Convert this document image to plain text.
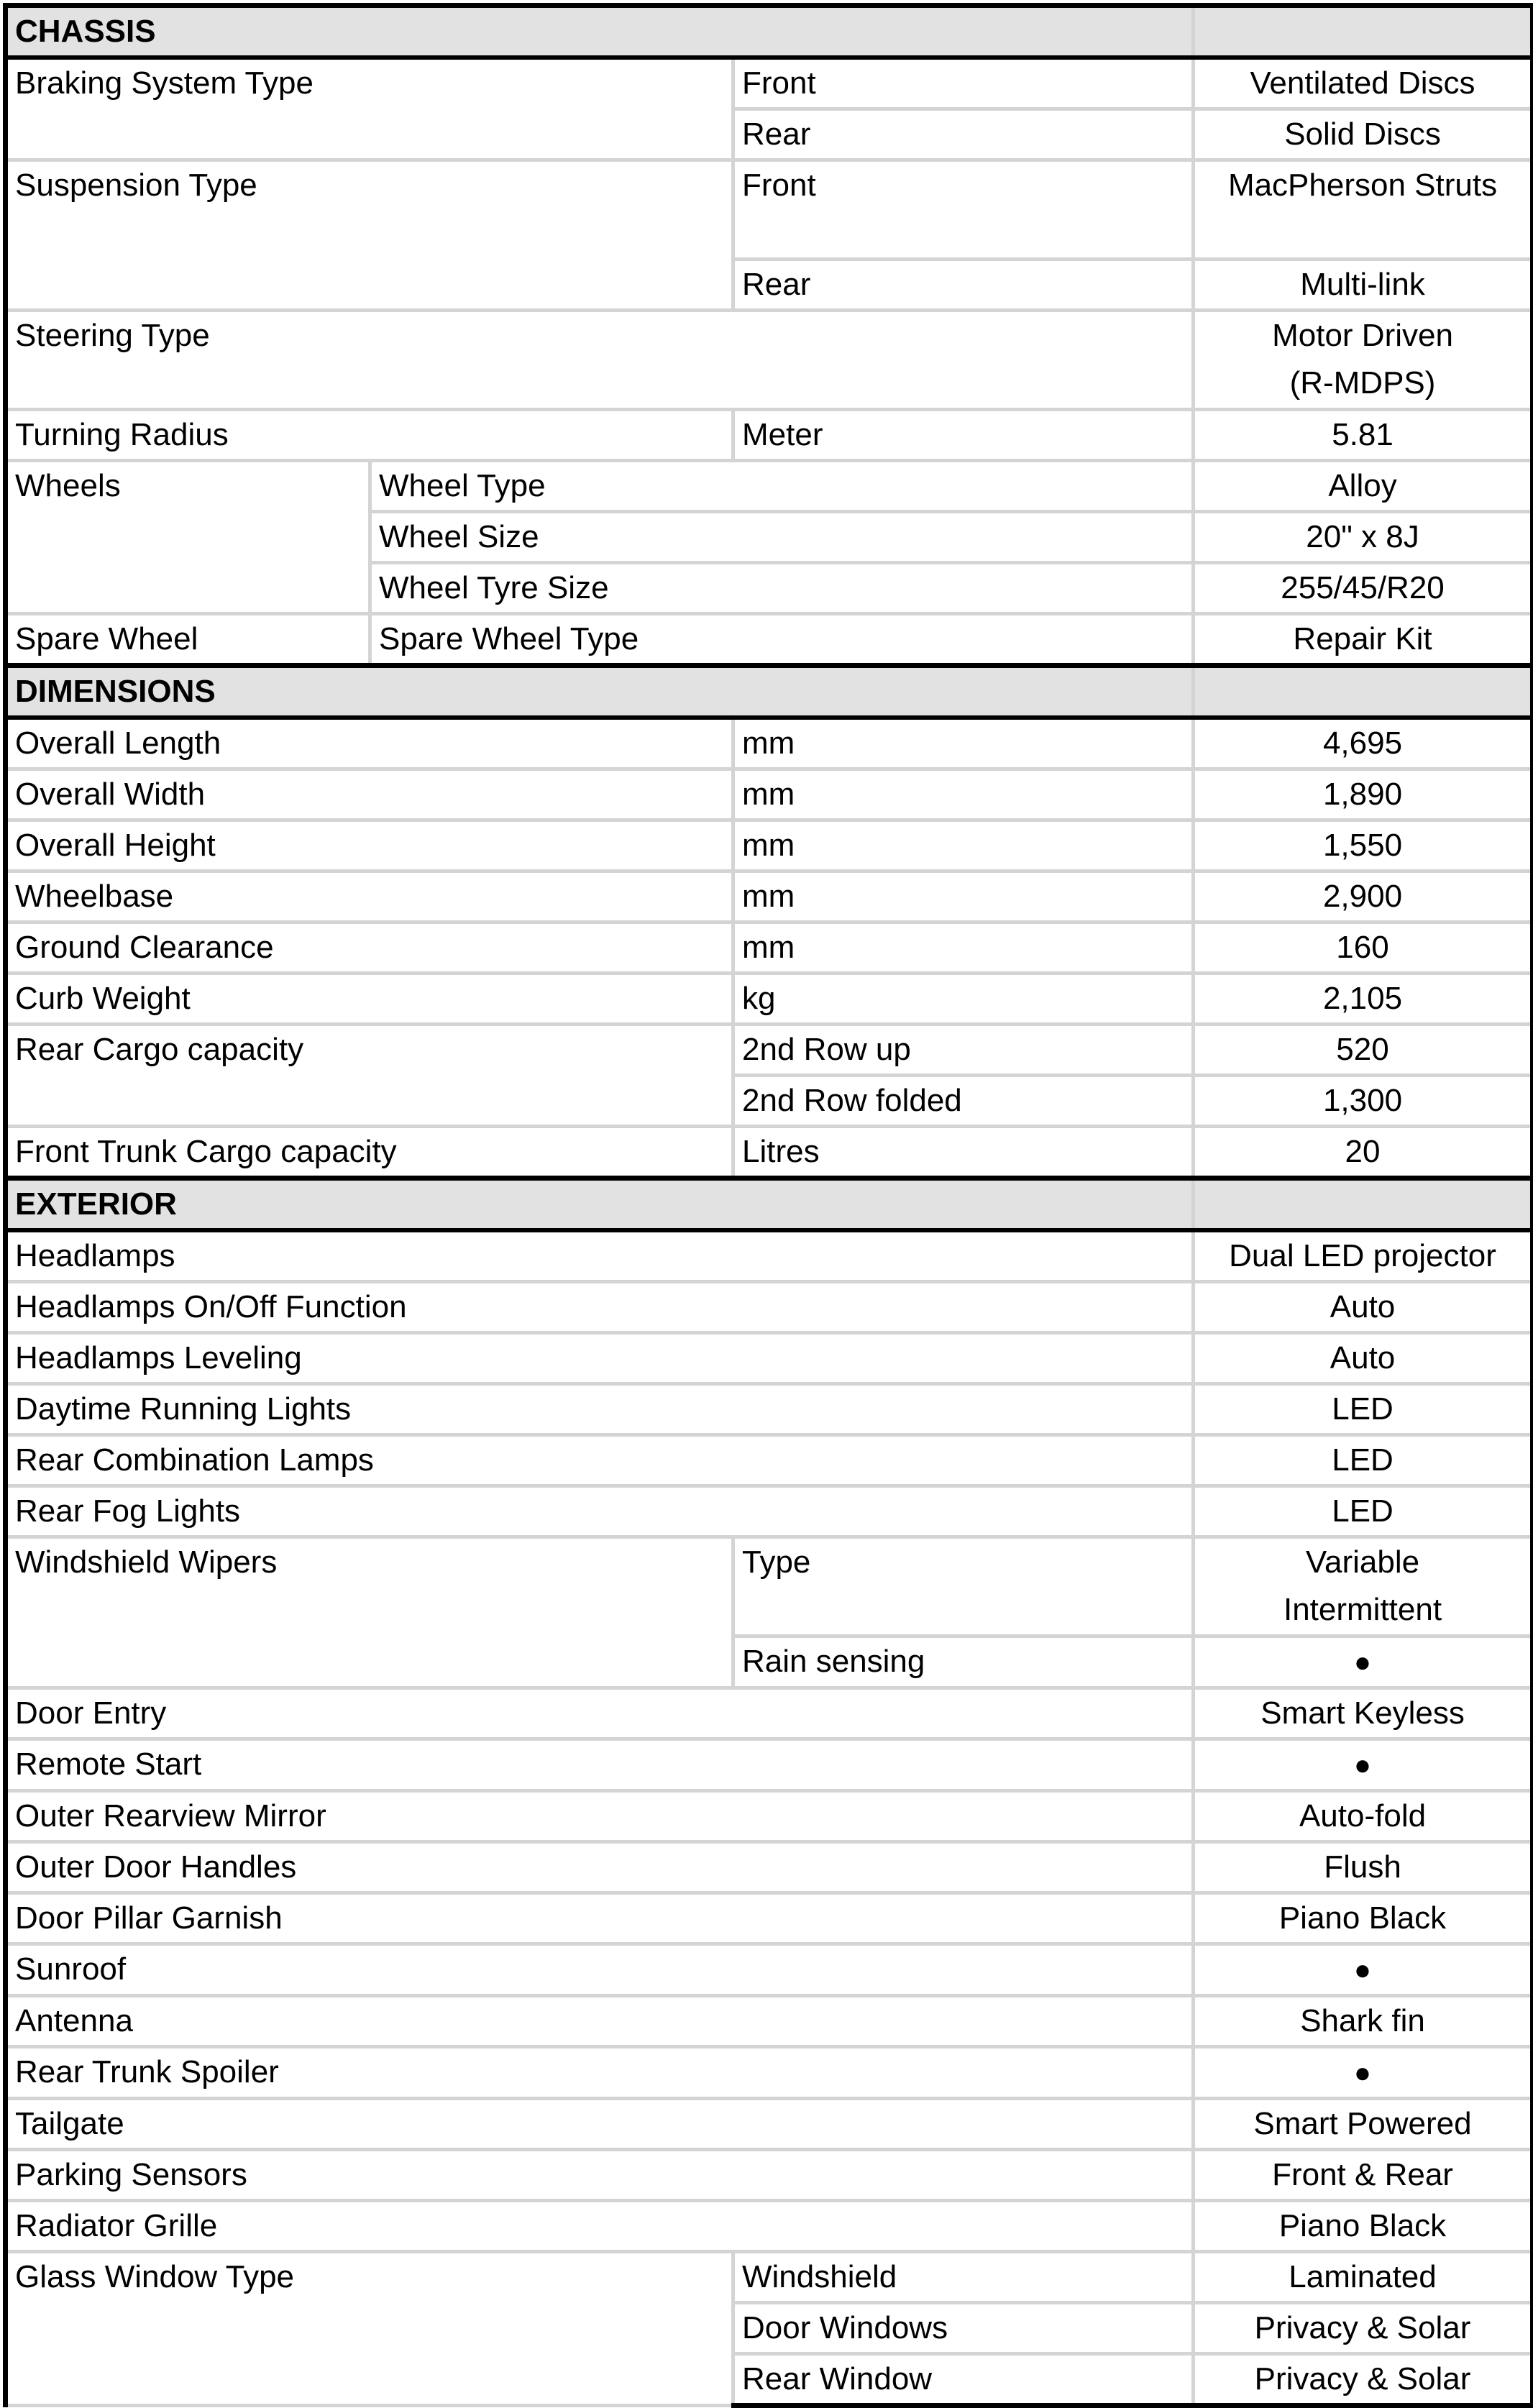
CHASSIS			
Braking System Type		Front	Ventilated Discs
		Rear	Solid Discs
Suspension Type		Front	MacPherson Struts
		Rear	Multi-link
Steering Type			Motor Driven
(R-MDPS)

Turning Radius		Meter	5.81
Wheels	Wheel Type		Alloy
	Wheel Size		20" x 8J
	Wheel Tyre Size		255/45/R20
Spare Wheel	Spare Wheel Type		Repair Kit
DIMENSIONS			
Overall Length		mm	4,695
Overall Width		mm	1,890
Overall Height		mm	1,550
Wheelbase		mm	2,900
Ground Clearance		mm	160
Curb Weight		kg	2,105
Rear Cargo capacity		2nd Row up	520
		2nd Row folded	1,300
Front Trunk Cargo capacity		Litres	20
EXTERIOR			
Headlamps			Dual LED projector
Headlamps On/Off Function			Auto
Headlamps Leveling			Auto
Daytime Running Lights			LED
Rear Combination Lamps			LED
Rear Fog Lights			LED
Windshield Wipers		Type	Variable
Intermittent

		Rain sensing	●
Door Entry			Smart Keyless
Remote Start			●
Outer Rearview Mirror			Auto-fold
Outer Door Handles			Flush
Door Pillar Garnish			Piano Black
Sunroof			●
Antenna			Shark fin
Rear Trunk Spoiler			●
Tailgate			Smart Powered
Parking Sensors			Front & Rear
Radiator Grille			Piano Black
Glass Window Type		Windshield	Laminated
		Door Windows	Privacy & Solar
		Rear Window	Privacy & Solar
